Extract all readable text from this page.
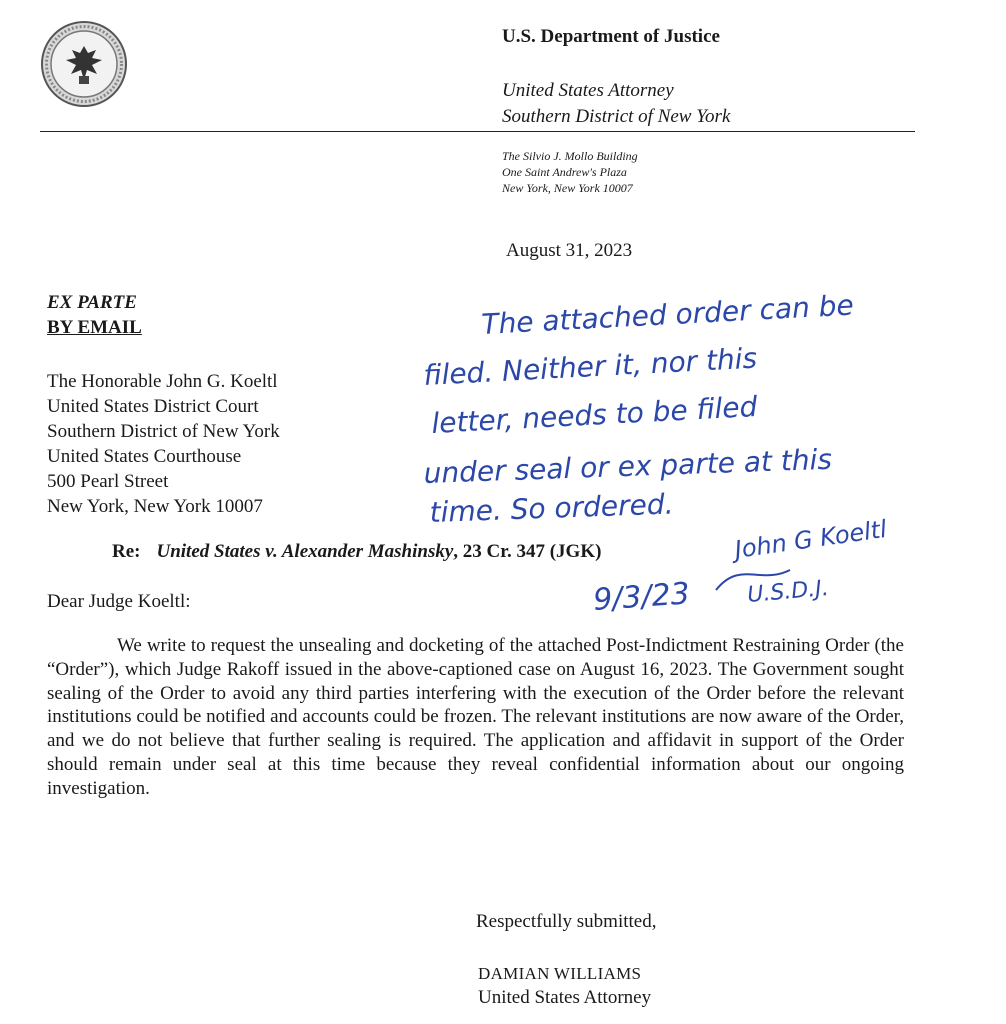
U.S. Department of Justice
United States Attorney
Southern District of New York
The Silvio J. Mollo Building
One Saint Andrew's Plaza
New York, New York 10007
August 31, 2023
EX PARTE
BY EMAIL
The Honorable John G. Koeltl
United States District Court
Southern District of New York
United States Courthouse
500 Pearl Street
New York, New York 10007
Re: United States v. Alexander Mashinsky, 23 Cr. 347 (JGK)
Dear Judge Koeltl:
We write to request the unsealing and docketing of the attached Post-Indictment Restraining Order (the “Order”), which Judge Rakoff issued in the above-captioned case on August 16, 2023. The Government sought sealing of the Order to avoid any third parties interfering with the execution of the Order before the relevant institutions could be notified and accounts could be frozen. The relevant institutions are now aware of the Order, and we do not believe that further sealing is required. The application and affidavit in support of the Order should remain under seal at this time because they reveal confidential information about our ongoing investigation.
Respectfully submitted,
DAMIAN WILLIAMS
United States Attorney
The attached order can be
filed. Neither it, nor this
letter, needs to be filed
under seal or ex parte at this
time. So ordered.
John G Koeltl
U.S.D.J.
9/3/23
